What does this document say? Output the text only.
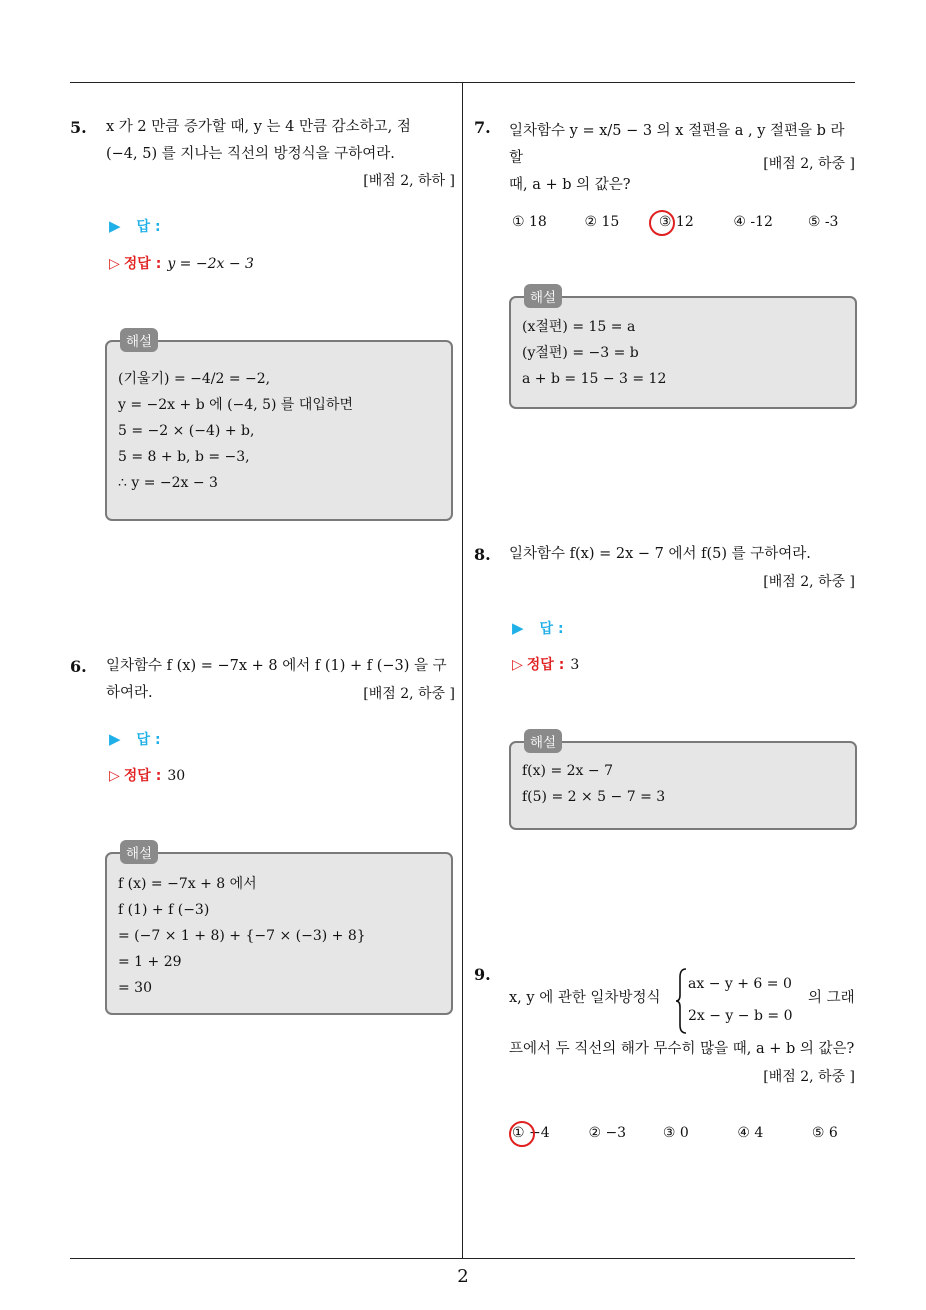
5. x 가 2 만큼 증가할 때, y 는 4 만큼 감소하고, 점
(−4, 5) 를 지나는 직선의 방정식을 구하여라.
[배점 2, 하하 ]
▶ 답 :
▷ 정답 : y = −2x − 3
해설
(기울기) = −4/2 = −2,
y = −2x + b 에 (−4, 5) 를 대입하면
5 = −2 × (−4) + b,
5 = 8 + b, b = −3,
∴ y = −2x − 3
6. 일차함수 f (x) = −7x + 8 에서 f (1) + f (−3) 을 구
하여라.	[배점 2, 하중 ]
▶ 답 :
▷ 정답 : 30
해설
f (x) = −7x + 8 에서
f (1) + f (−3)
= (−7 × 1 + 8) + {−7 × (−3) + 8}
= 1 + 29
= 30
7. 일차함수 y = x/5 − 3 의 x 절편을 a , y 절편을 b 라 할
때, a + b 의 값은?
[배점 2, 하중 ]
① 18	② 15	③ 12	④ -12 ⑤ -3
해설
(x절편) = 15 = a
(y절편) = −3 = b
a + b = 15 − 3 = 12
8. 일차함수 f(x) = 2x − 7 에서 f(5) 를 구하여라.
[배점 2, 하중 ]
▶ 답 :
▷ 정답 : 3
해설
f(x) = 2x − 7
f(5) = 2 × 5 − 7 = 3
9.
x, y 에 관한 일차방정식
ax − y + 6 = 0
2x − y − b = 0
의 그래
프에서 두 직선의 해가 무수히 많을 때, a + b 의 값은?
[배점 2, 하중 ]
① −4	② −3	③ 0	④ 4	⑤ 6
2
